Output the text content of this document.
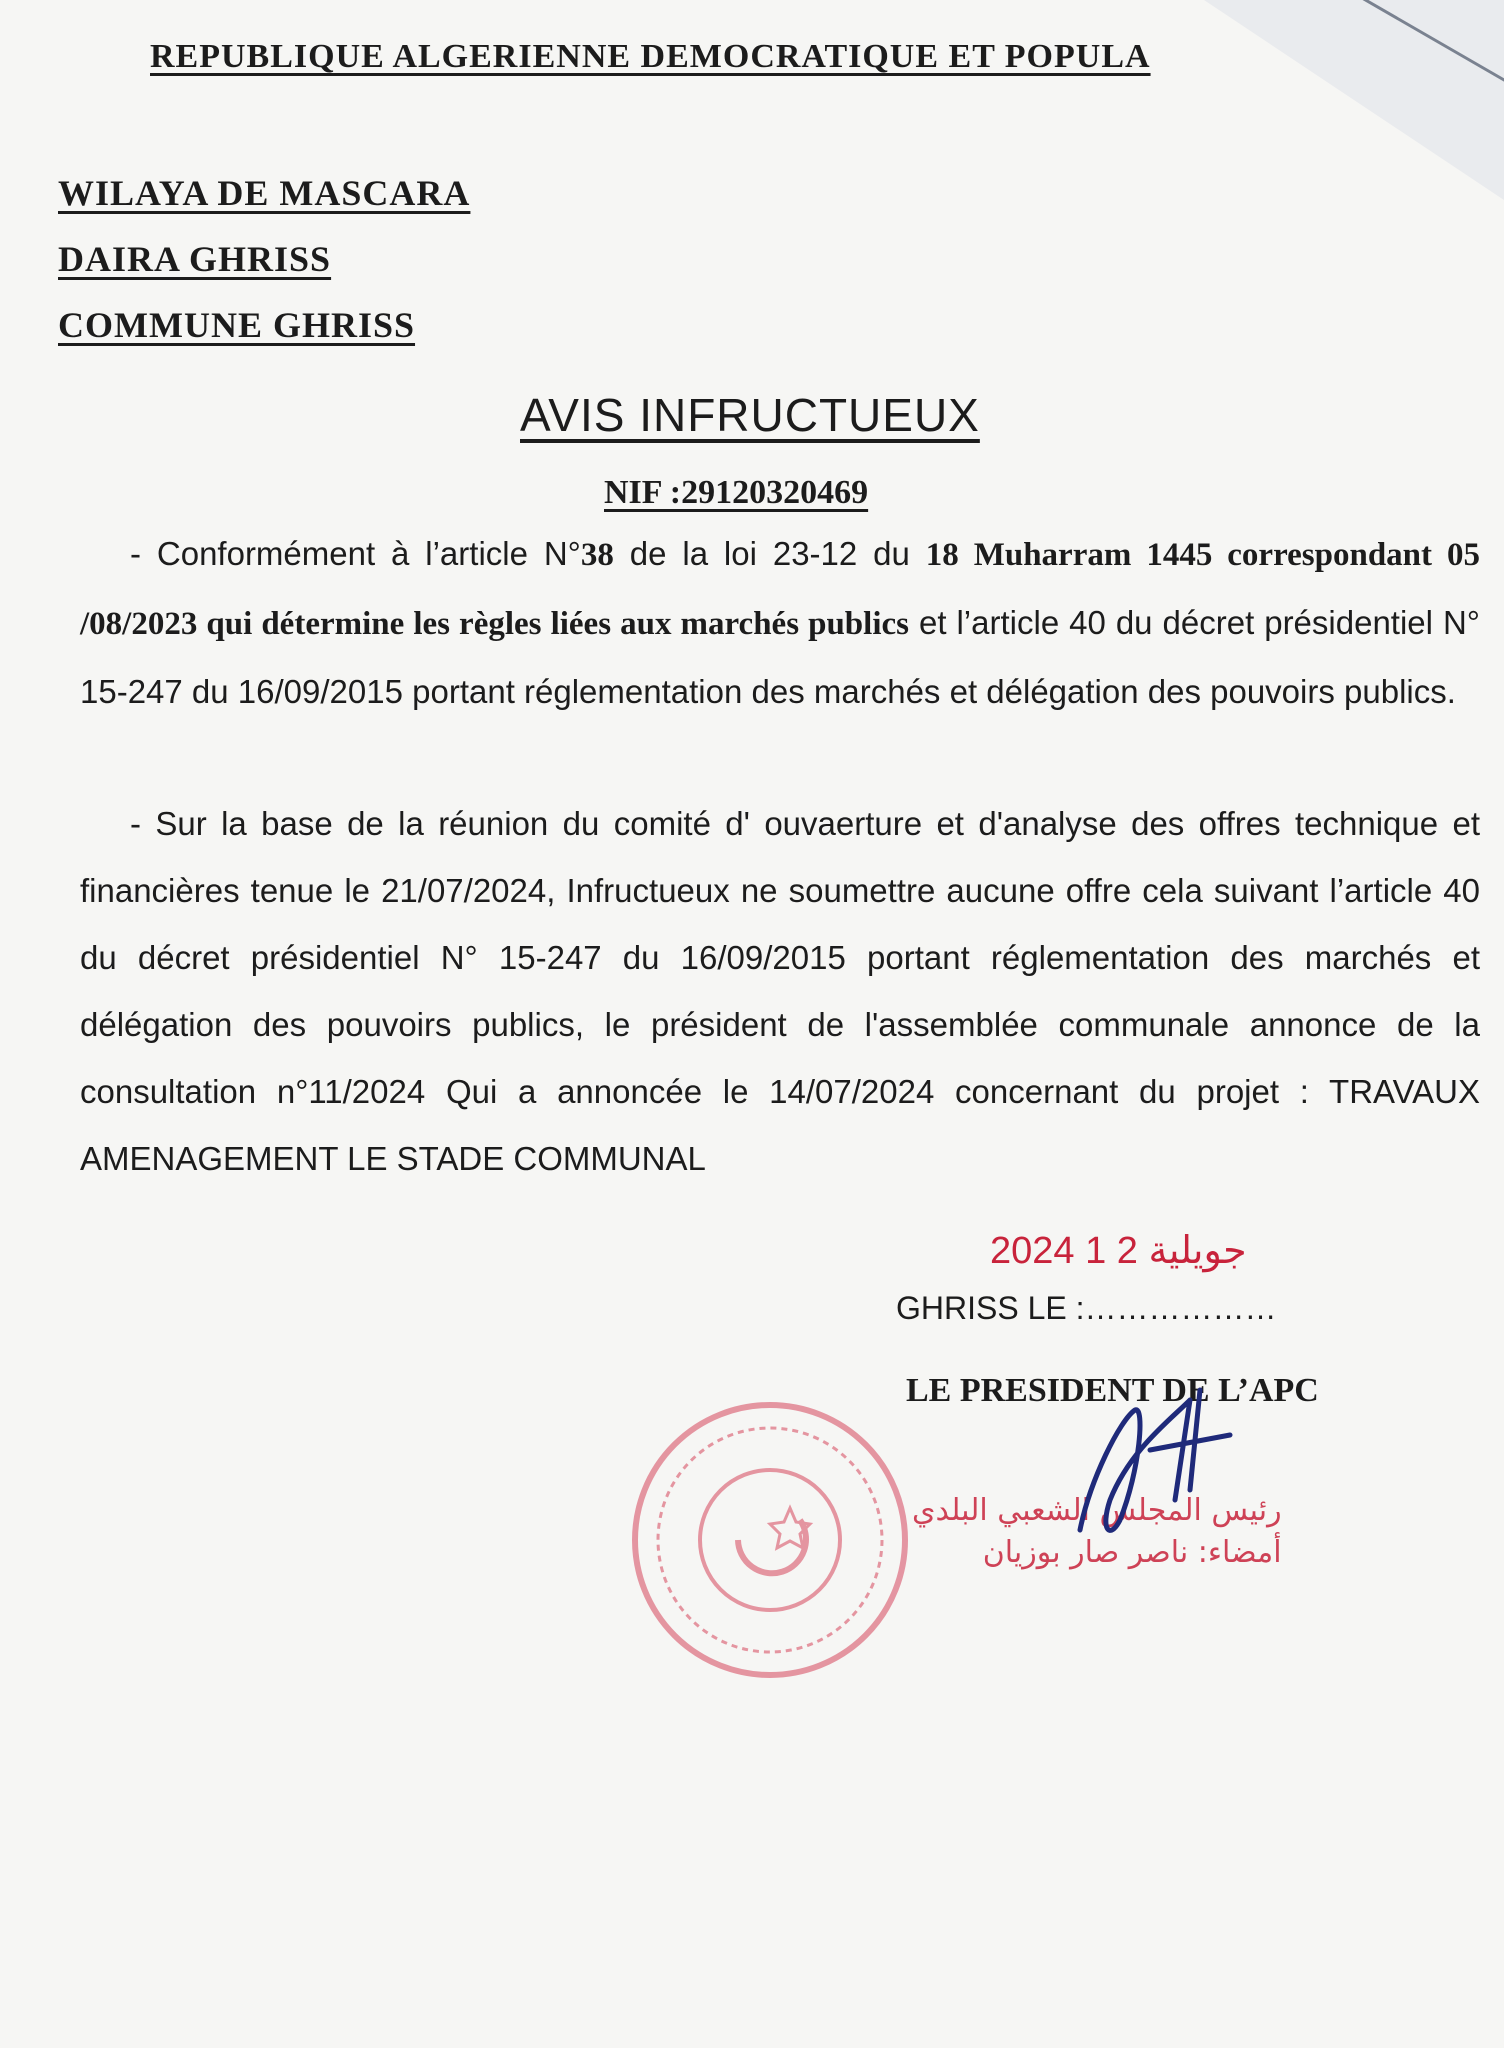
REPUBLIQUE ALGERIENNE DEMOCRATIQUE ET POPULA
WILAYA DE MASCARA
DAIRA GHRISS
COMMUNE GHRISS
AVIS INFRUCTUEUX
NIF :29120320469
- Conformément à l’article N°38 de la loi 23-12 du 18 Muharram 1445 correspondant 05 /08/2023 qui détermine les règles liées aux marchés publics et l’article 40 du décret présidentiel N° 15-247 du 16/09/2015 portant réglementation des marchés et délégation des pouvoirs publics.
- Sur la base de la réunion du comité d' ouvaerture et d'analyse des offres technique et financières tenue le 21/07/2024, Infructueux ne soumettre aucune offre cela suivant l’article 40 du décret présidentiel N° 15-247 du 16/09/2015 portant réglementation des marchés et délégation des pouvoirs publics, le président de l'assemblée communale annonce de la consultation n°11/2024 Qui a annoncée le 14/07/2024 concernant du projet : TRAVAUX AMENAGEMENT LE STADE COMMUNAL
2024 جويلية 2 1
GHRISS LE :………………
LE PRESIDENT DE L’APC
رئيس المجلس الشعبي البلدي
أمضاء: ناصر صار بوزيان
